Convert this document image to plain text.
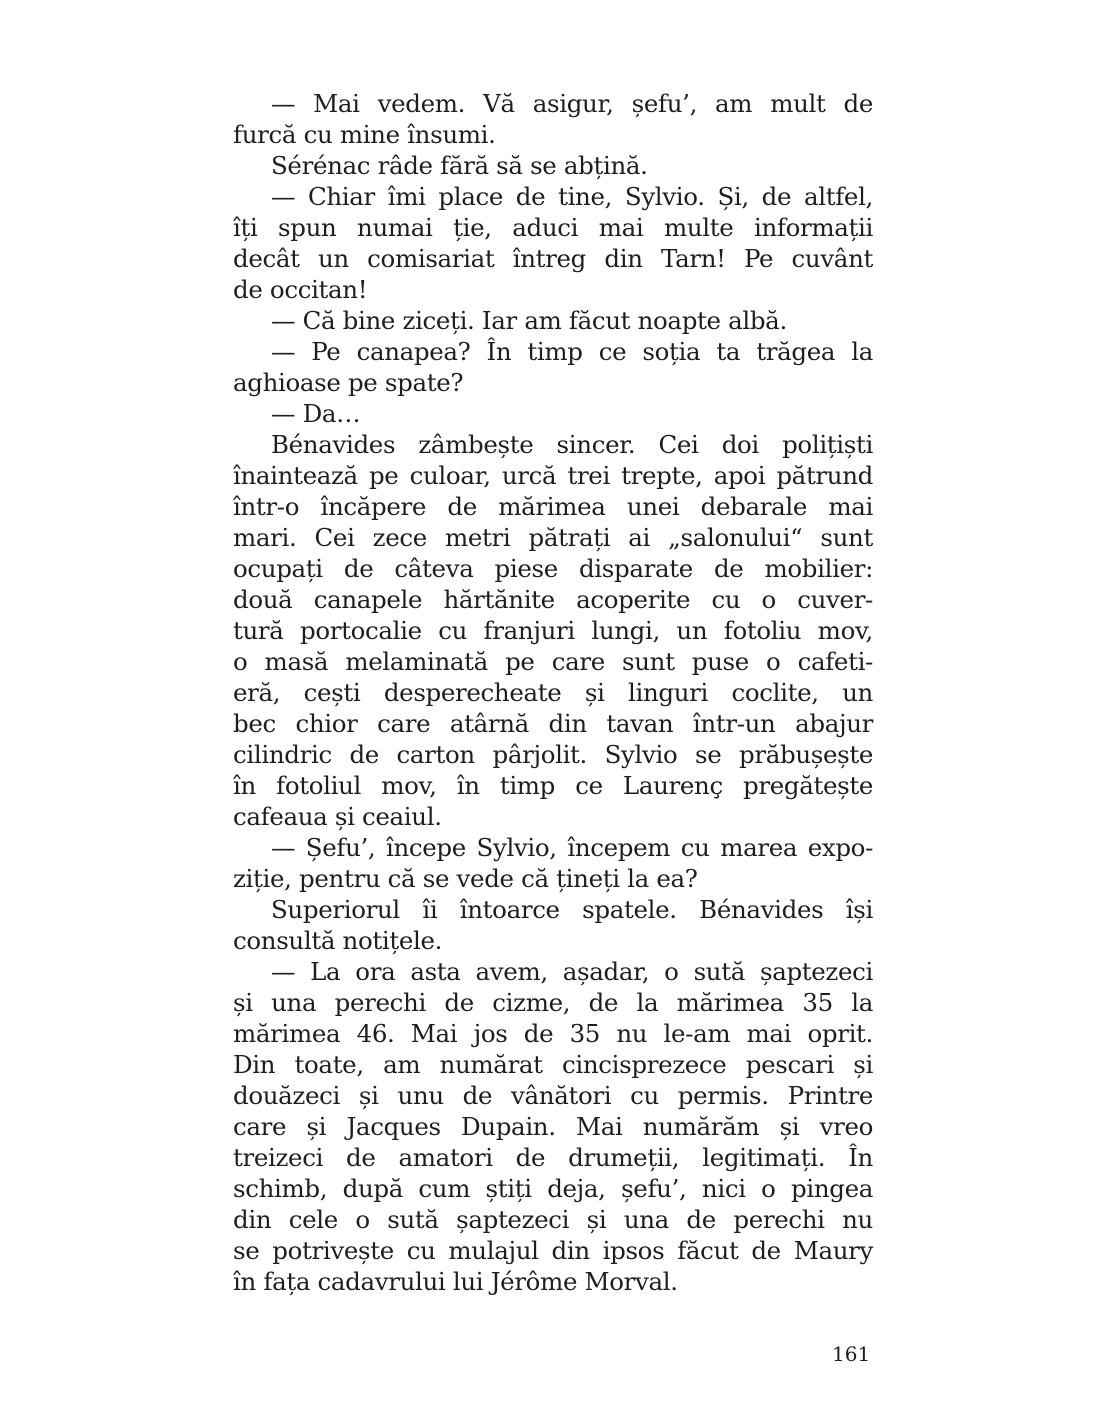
— Mai vedem. Vă asigur, șefu’, am mult de
furcă cu mine însumi.
Sérénac râde fără să se abțină.
— Chiar îmi place de tine, Sylvio. Și, de altfel,
îți spun numai ție, aduci mai multe informații
decât un comisariat întreg din Tarn! Pe cuvânt
de occitan!
— Că bine ziceți. Iar am făcut noapte albă.
— Pe canapea? În timp ce soția ta trăgea la
aghioase pe spate?
— Da…
Bénavides zâmbește sincer. Cei doi polițiști
înaintează pe culoar, urcă trei trepte, apoi pătrund
într-o încăpere de mărimea unei debarale mai
mari. Cei zece metri pătrați ai „salonului“ sunt
ocupați de câteva piese disparate de mobilier:
două canapele hărtănite acoperite cu o cuver-
tură portocalie cu franjuri lungi, un fotoliu mov,
o masă melaminată pe care sunt puse o cafeti-
eră, cești desperecheate și linguri coclite, un
bec chior care atârnă din tavan într-un abajur
cilindric de carton pârjolit. Sylvio se prăbușește
în fotoliul mov, în timp ce Laurenç pregătește
cafeaua și ceaiul.
— Șefu’, începe Sylvio, începem cu marea expo-
ziție, pentru că se vede că țineți la ea?
Superiorul îi întoarce spatele. Bénavides își
consultă notițele.
— La ora asta avem, așadar, o sută șaptezeci
și una perechi de cizme, de la mărimea 35 la
mărimea 46. Mai jos de 35 nu le-am mai oprit.
Din toate, am numărat cincisprezece pescari și
douăzeci și unu de vânători cu permis. Printre
care și Jacques Dupain. Mai numărăm și vreo
treizeci de amatori de drumeții, legitimați. În
schimb, după cum știți deja, șefu’, nici o pingea
din cele o sută șaptezeci și una de perechi nu
se potrivește cu mulajul din ipsos făcut de Maury
în fața cadavrului lui Jérôme Morval.
161
